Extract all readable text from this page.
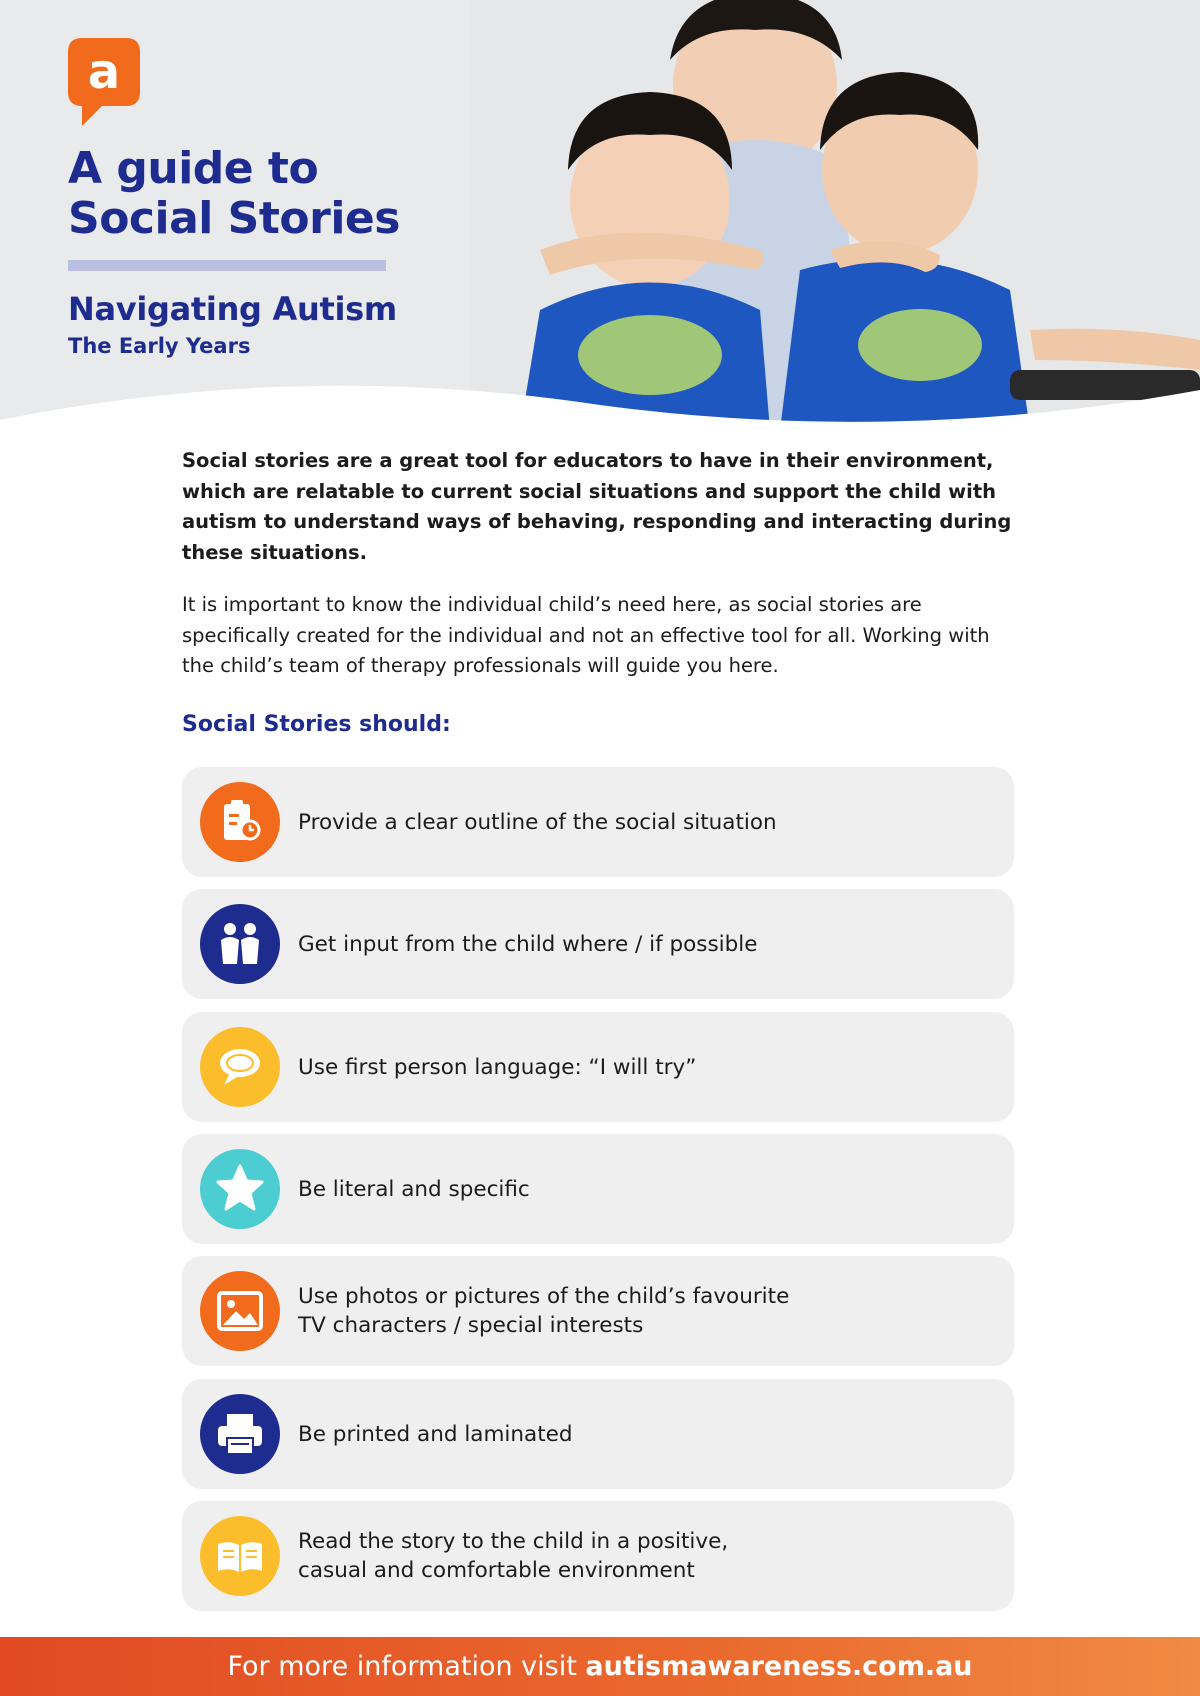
a
A guide to
Social Stories
Navigating Autism
The Early Years

Social stories are a great tool for educators to have in their environment, which are relatable to current social situations and support the child with autism to understand ways of behaving, responding and interacting during these situations.

It is important to know the individual child’s need here, as social stories are specifically created for the individual and not an effective tool for all. Working with the child’s team of therapy professionals will guide you here.

Social Stories should:
Provide a clear outline of the social situation
Get input from the child where / if possible
Use first person language: “I will try”
Be literal and specific
Use photos or pictures of the child’s favourite
TV characters / special interests
Be printed and laminated
Read the story to the child in a positive,
casual and comfortable environment
For more information visit autismawareness.com.au
